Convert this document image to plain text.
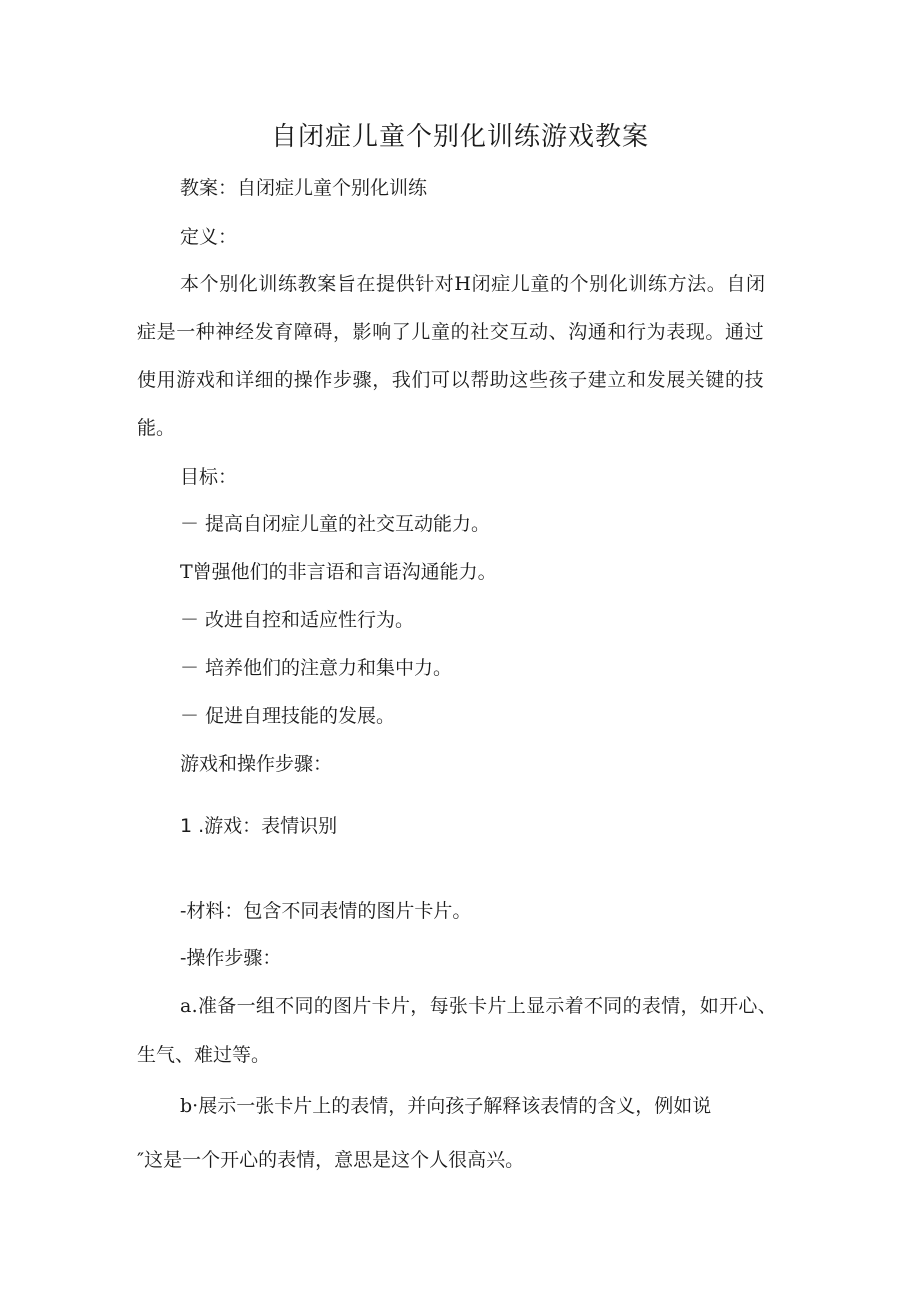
自闭症儿童个别化训练游戏教案
教案：自闭症儿童个别化训练
定义：
本个别化训练教案旨在提供针对H闭症儿童的个别化训练方法。自闭
症是一种神经发育障碍，影响了儿童的社交互动、沟通和行为表现。通过
使用游戏和详细的操作步骤，我们可以帮助这些孩子建立和发展关键的技
能。
目标：
－ 提高自闭症儿童的社交互动能力。
T曾强他们的非言语和言语沟通能力。
－ 改进自控和适应性行为。
－ 培养他们的注意力和集中力。
－ 促进自理技能的发展。
游戏和操作步骤：
1 .游戏：表情识别
-材料：包含不同表情的图片卡片。
-操作步骤：
a.准备一组不同的图片卡片，每张卡片上显示着不同的表情，如开心、
生气、难过等。
b·展示一张卡片上的表情，并向孩子解释该表情的含义，例如说
″这是一个开心的表情，意思是这个人很高兴。
